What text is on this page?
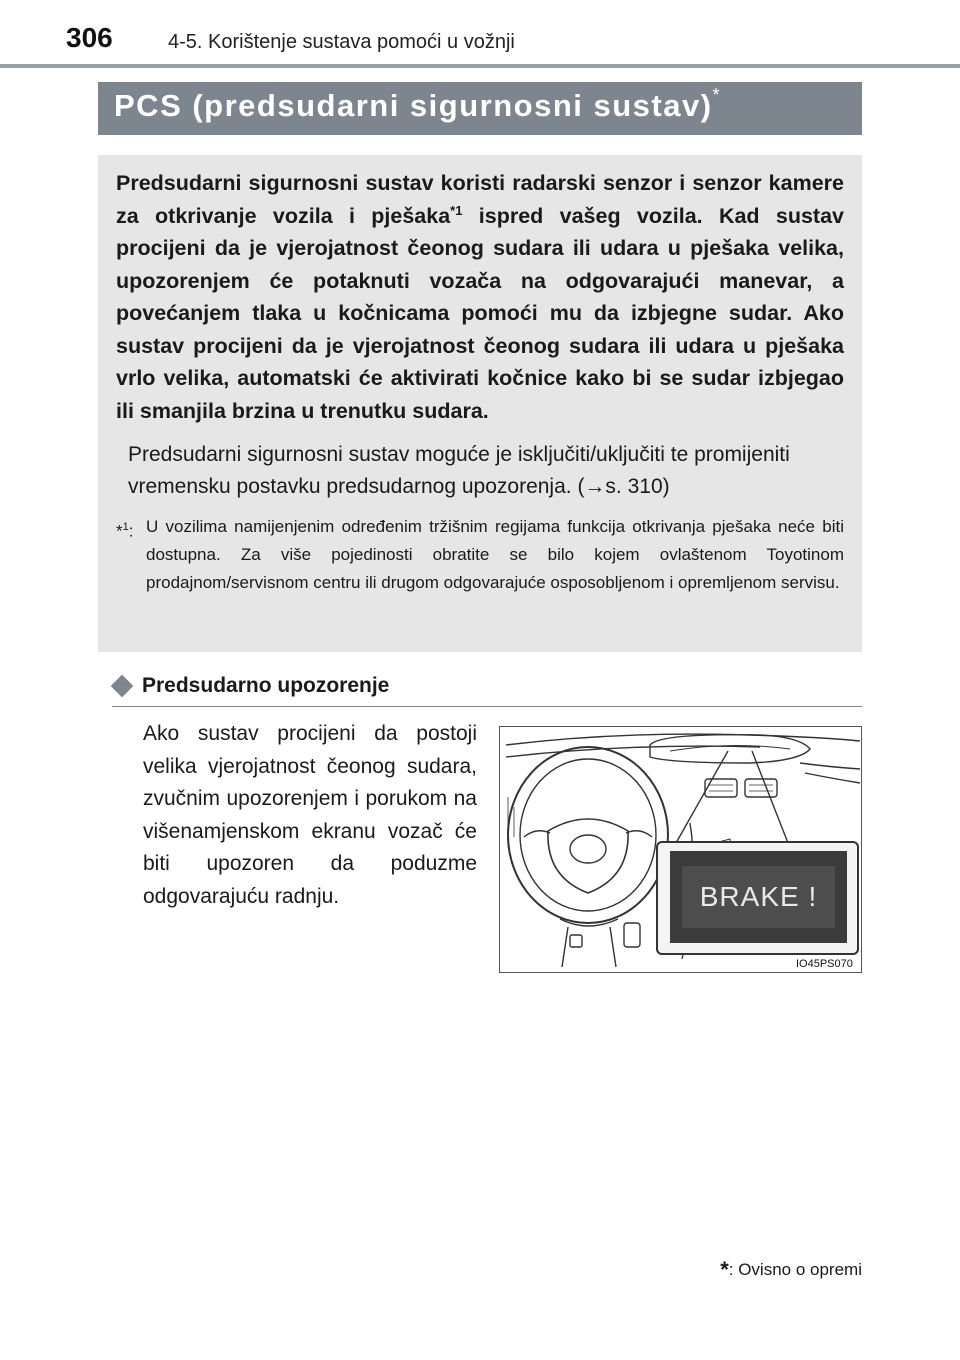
306	4-5. Korištenje sustava pomoći u vožnji
PCS (predsudarni sigurnosni sustav)*

Predsudarni sigurnosni sustav koristi radarski senzor i senzor kamere za otkrivanje vozila i pješaka$^{*1}$ ispred vašeg vozila. Kad sustav procijeni da je vjerojatnost čeonog sudara ili udara u pješaka velika, upozorenjem će potaknuti vozača na odgovarajući manevar, a povećanjem tlaka u kočnicama pomoći mu da izbjegne sudar. Ako sustav procijeni da je vjerojatnost čeonog sudara ili udara u pješaka vrlo velika, automatski će aktivirati kočnice kako bi se sudar izbjegao ili smanjila brzina u trenutku sudara.

Predsudarni sigurnosni sustav moguće je isključiti/uključiti te promijeniti vremensku postavku predsudarnog upozorenja. (→s. 310)

*$^1$: U vozilima namijenjenim određenim tržišnim regijama funkcija otkrivanja pješaka neće biti dostupna. Za više pojedinosti obratite se bilo kojem ovlaštenom Toyotinom prodajnom/servisnom centru ili drugom odgovarajuće osposobljenom i opremljenom servisu.
Predsudarno upozorenje
Ako sustav procijeni da postoji velika vjerojatnost čeonog sudara, zvučnim upozorenjem i porukom na višenamjenskom ekranu vozač će biti upozoren da poduzme odgovarajuću radnju.	BRAKE !
IO45PS070
*: Ovisno o opremi
